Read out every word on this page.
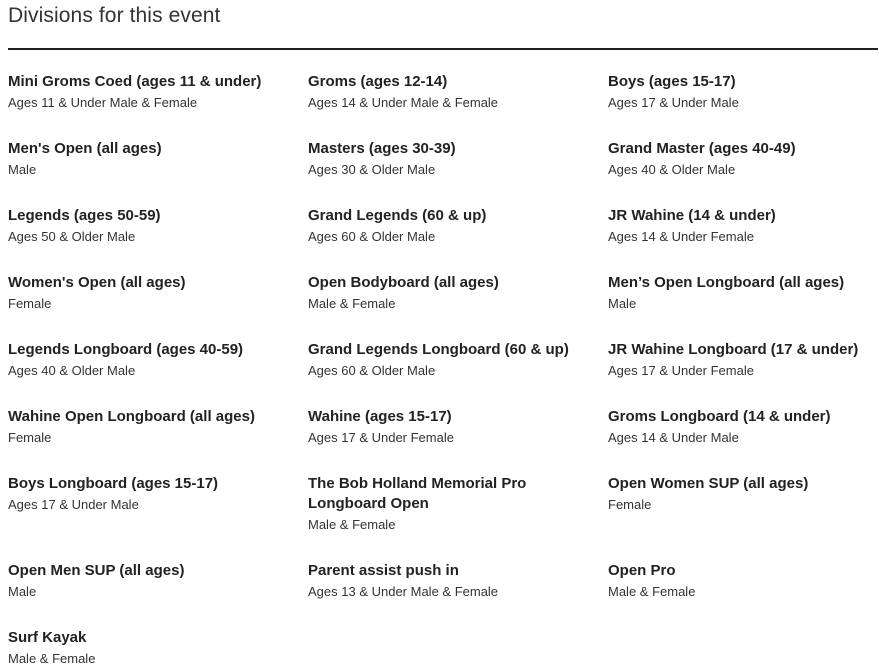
Divisions for this event
Mini Groms Coed (ages 11 & under)
Ages 11 & Under Male & Female
Groms (ages 12-14)
Ages 14 & Under Male & Female
Boys (ages 15-17)
Ages 17 & Under Male
Men's Open (all ages)
Male
Masters (ages 30-39)
Ages 30 & Older Male
Grand Master (ages 40-49)
Ages 40 & Older Male
Legends (ages 50-59)
Ages 50 & Older Male
Grand Legends (60 & up)
Ages 60 & Older Male
JR Wahine (14 & under)
Ages 14 & Under Female
Women's Open (all ages)
Female
Open Bodyboard (all ages)
Male & Female
Men’s Open Longboard (all ages)
Male
Legends Longboard (ages 40-59)
Ages 40 & Older Male
Grand Legends Longboard (60 & up)
Ages 60 & Older Male
JR Wahine Longboard (17 & under)
Ages 17 & Under Female
Wahine Open Longboard (all ages)
Female
Wahine (ages 15-17)
Ages 17 & Under Female
Groms Longboard (14 & under)
Ages 14 & Under Male
Boys Longboard (ages 15-17)
Ages 17 & Under Male
The Bob Holland Memorial Pro Longboard Open
Male & Female
Open Women SUP (all ages)
Female
Open Men SUP (all ages)
Male
Parent assist push in
Ages 13 & Under Male & Female
Open Pro
Male & Female
Surf Kayak
Male & Female
